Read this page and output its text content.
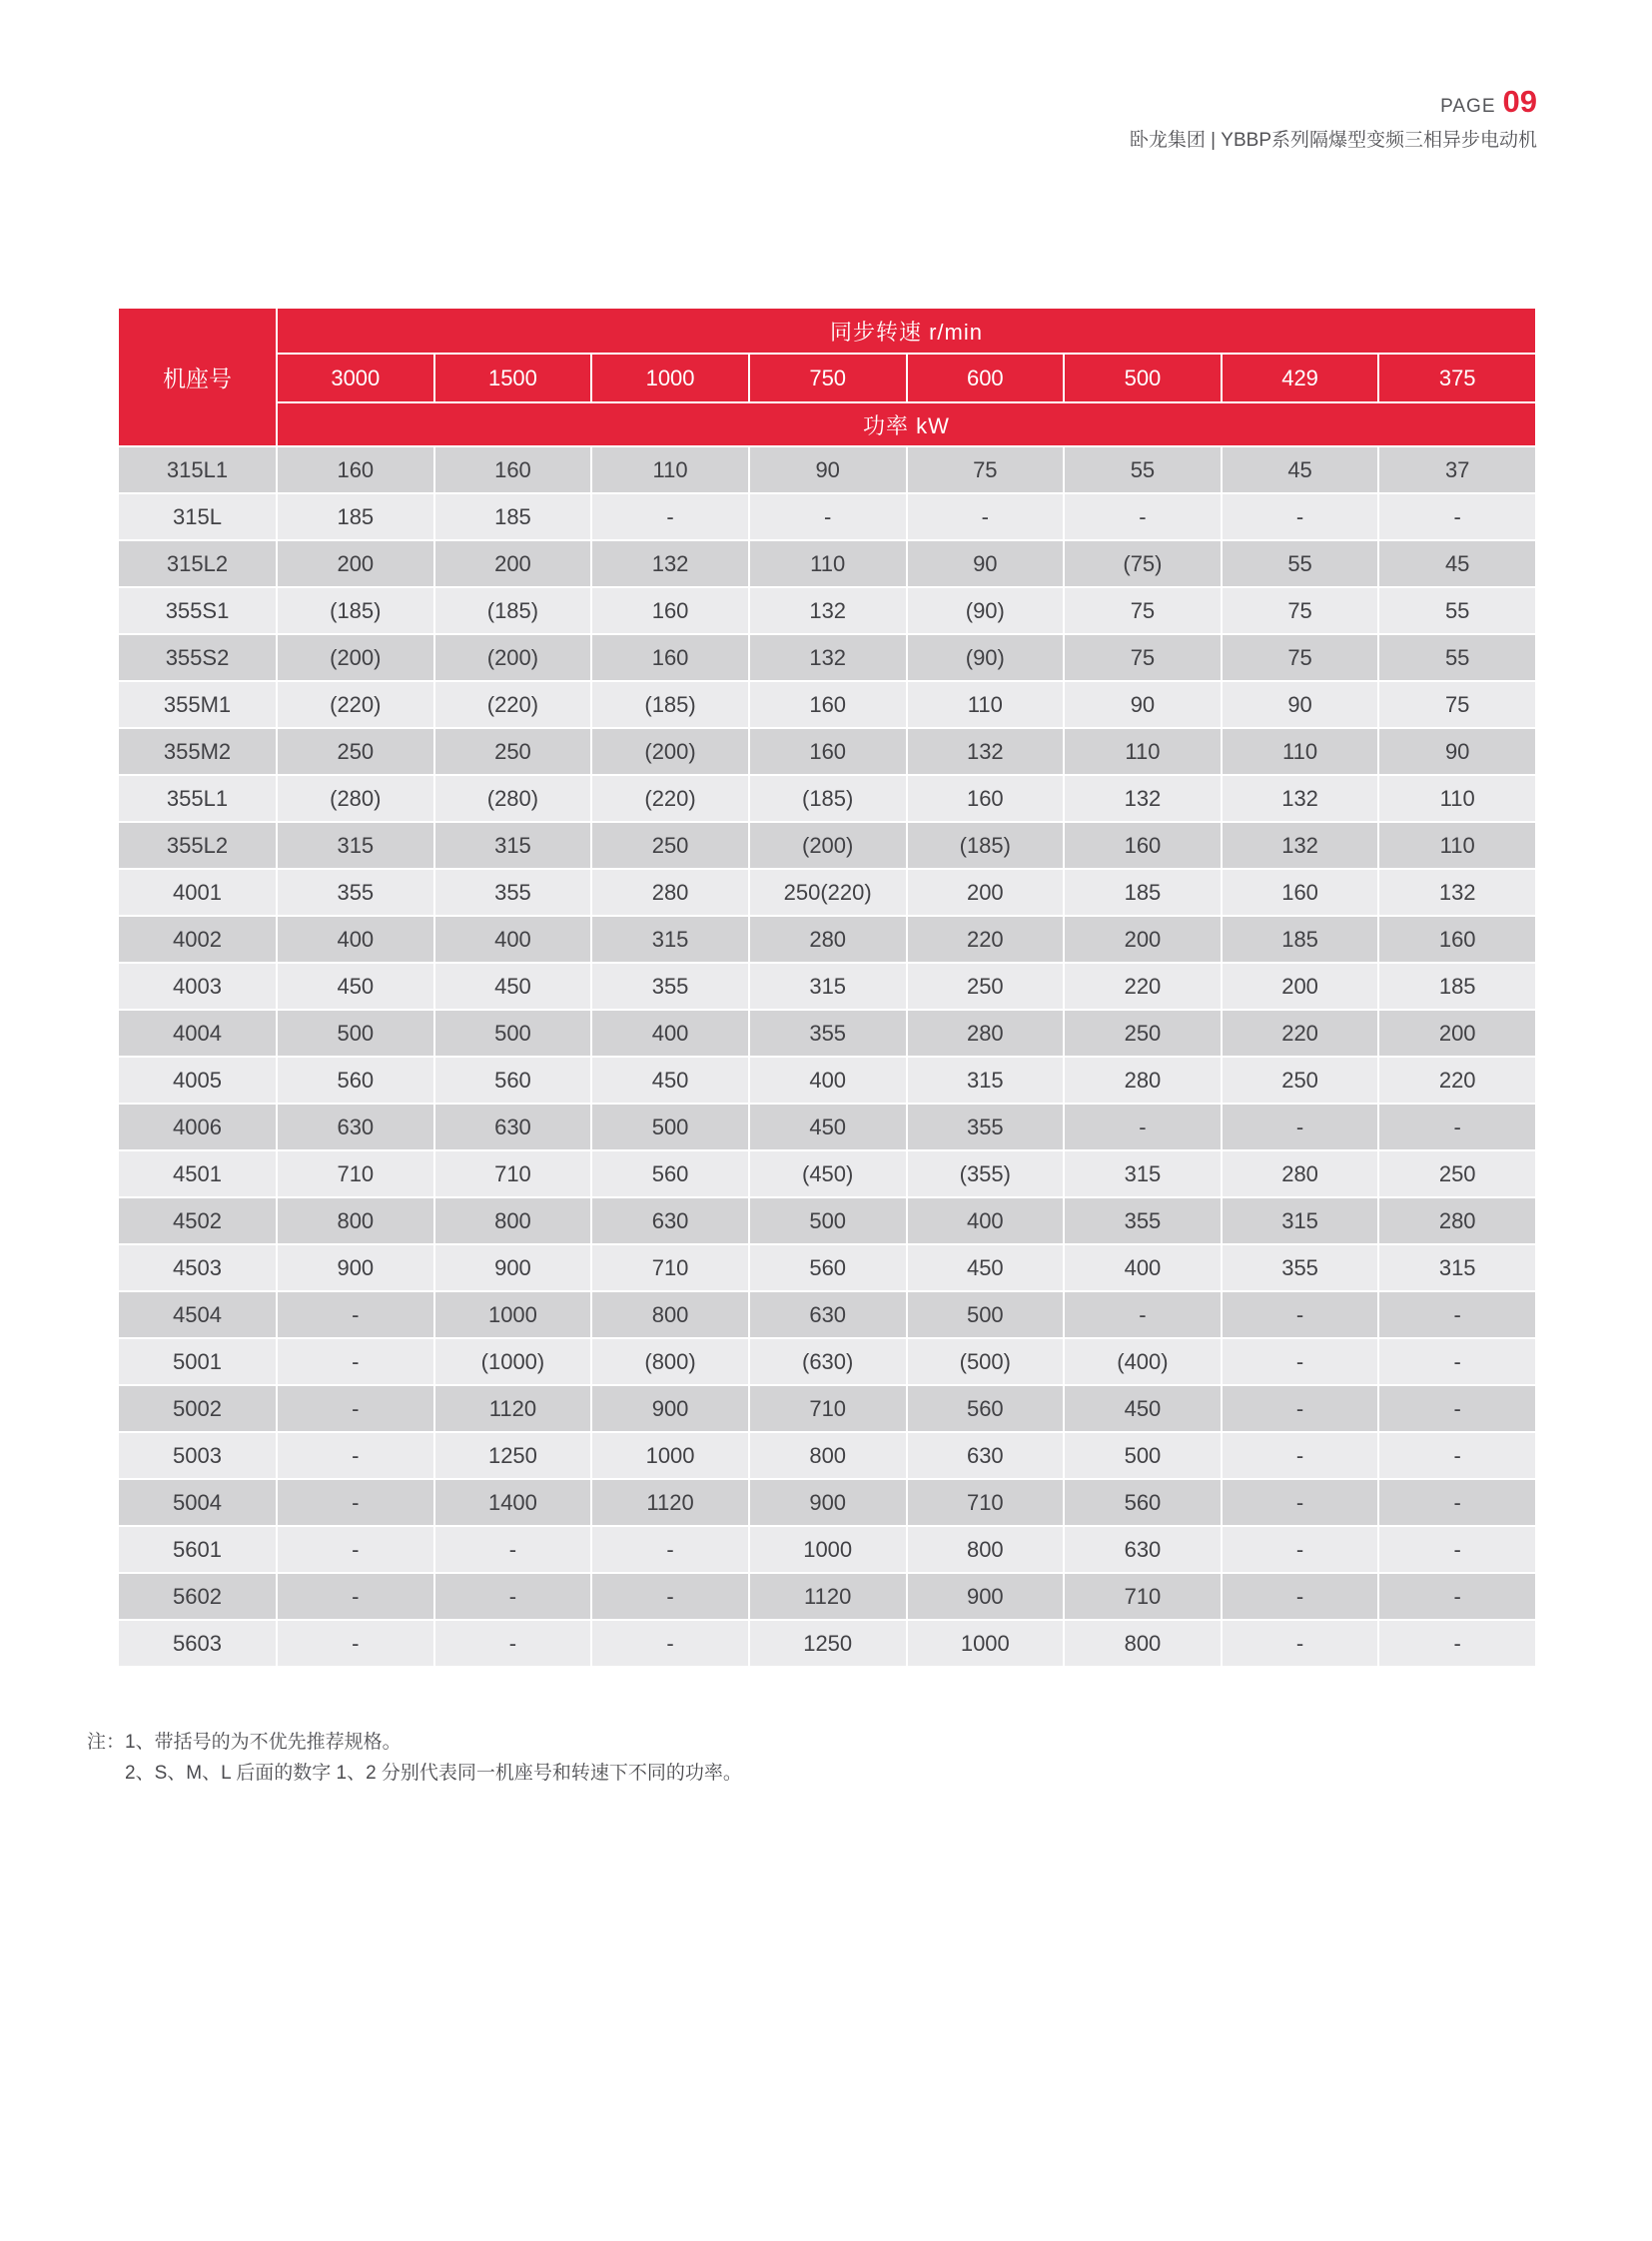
PAGE 09
卧龙集团 | YBBP系列隔爆型变频三相异步电动机
机座号	同步转速 r/min							
	3000	1500	1000	750	600	500	429	375
	功率 kW							
315L1	160	160	110	90	75	55	45	37
315L	185	185	-	-	-	-	-	-
315L2	200	200	132	110	90	(75)	55	45
355S1	(185)	(185)	160	132	(90)	75	75	55
355S2	(200)	(200)	160	132	(90)	75	75	55
355M1	(220)	(220)	(185)	160	110	90	90	75
355M2	250	250	(200)	160	132	110	110	90
355L1	(280)	(280)	(220)	(185)	160	132	132	110
355L2	315	315	250	(200)	(185)	160	132	110
4001	355	355	280	250(220)	200	185	160	132
4002	400	400	315	280	220	200	185	160
4003	450	450	355	315	250	220	200	185
4004	500	500	400	355	280	250	220	200
4005	560	560	450	400	315	280	250	220
4006	630	630	500	450	355	-	-	-
4501	710	710	560	(450)	(355)	315	280	250
4502	800	800	630	500	400	355	315	280
4503	900	900	710	560	450	400	355	315
4504	-	1000	800	630	500	-	-	-
5001	-	(1000)	(800)	(630)	(500)	(400)	-	-
5002	-	1120	900	710	560	450	-	-
5003	-	1250	1000	800	630	500	-	-
5004	-	1400	1120	900	710	560	-	-
5601	-	-	-	1000	800	630	-	-
5602	-	-	-	1120	900	710	-	-
5603	-	-	-	1250	1000	800	-	-
注： 1、带括号的为不优先推荐规格。
2、S、M、L 后面的数字 1、2 分别代表同一机座号和转速下不同的功率。
